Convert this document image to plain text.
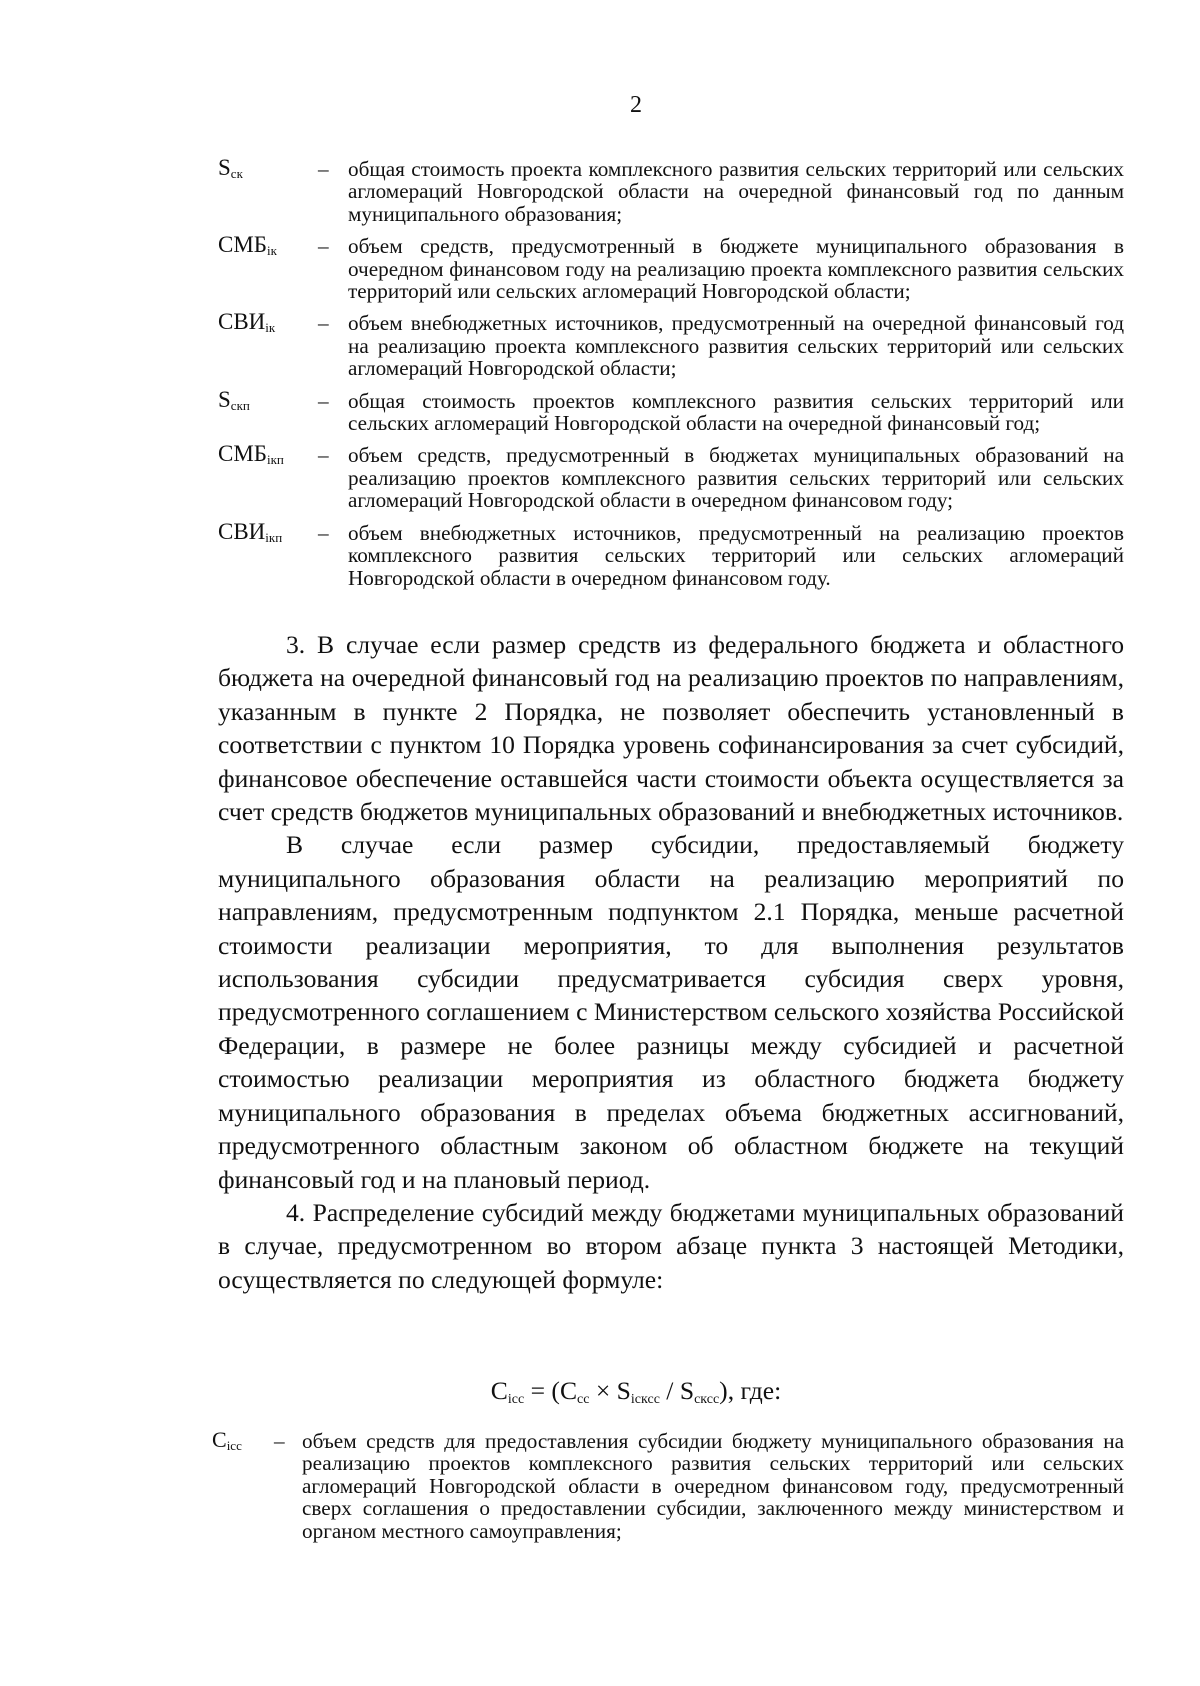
2
$S_{ск}$	– общая стоимость проекта комплексного развития сельских территорий или сельских агломераций Новгородской области на очередной финансовый год по данным муниципального образования;
$СМБ_{iк}$	– объем средств, предусмотренный в бюджете муниципального образования в очередном финансовом году на реализацию проекта комплексного развития сельских территорий или сельских агломераций Новгородской области;
$СВИ_{iк}$	– объем внебюджетных источников, предусмотренный на очередной финансовый год на реализацию проекта комплексного развития сельских территорий или сельских агломераций Новгородской области;
$S_{скп}$	– общая стоимость проектов комплексного развития сельских территорий или сельских агломераций Новгородской области на очередной финансовый год;
$СМБ_{iкп}$	– объем средств, предусмотренный в бюджетах муниципальных образований на реализацию проектов комплексного развития сельских территорий или сельских агломераций Новгородской области в очередном финансовом году;
$СВИ_{iкп}$	– объем внебюджетных источников, предусмотренный на реализацию проектов комплексного развития сельских территорий или сельских агломераций Новгородской области в очередном финансовом году.

3. В случае если размер средств из федерального бюджета и областного бюджета на очередной финансовый год на реализацию проектов по направлениям, указанным в пункте 2 Порядка, не позволяет обеспечить установленный в соответствии с пунктом 10 Порядка уровень софинансирования за счет субсидий, финансовое обеспечение оставшейся части стоимости объекта осуществляется за счет средств бюджетов муниципальных образований и внебюджетных источников.

В случае если размер субсидии, предоставляемый бюджету муниципального образования области на реализацию мероприятий по направлениям, предусмотренным подпунктом 2.1 Порядка, меньше расчетной стоимости реализации мероприятия, то для выполнения результатов использования субсидии предусматривается субсидия сверх уровня, предусмотренного соглашением с Министерством сельского хозяйства Российской Федерации, в размере не более разницы между субсидией и расчетной стоимостью реализации мероприятия из областного бюджета бюджету муниципального образования в пределах объема бюджетных ассигнований, предусмотренного областным законом об областном бюджете на текущий финансовый год и на плановый период.

4. Распределение субсидий между бюджетами муниципальных образований в случае, предусмотренном во втором абзаце пункта 3 настоящей Методики, осуществляется по следующей формуле:

$C_{icc} = (C_{cc} \times S_{icксс} / S_{cксс})$, где:
$C_{icc}$	– объем средств для предоставления субсидии бюджету муниципального образования на реализацию проектов комплексного развития сельских территорий или сельских агломераций Новгородской области в очередном финансовом году, предусмотренный сверх соглашения о предоставлении субсидии, заключенного между министерством и органом местного самоуправления;
